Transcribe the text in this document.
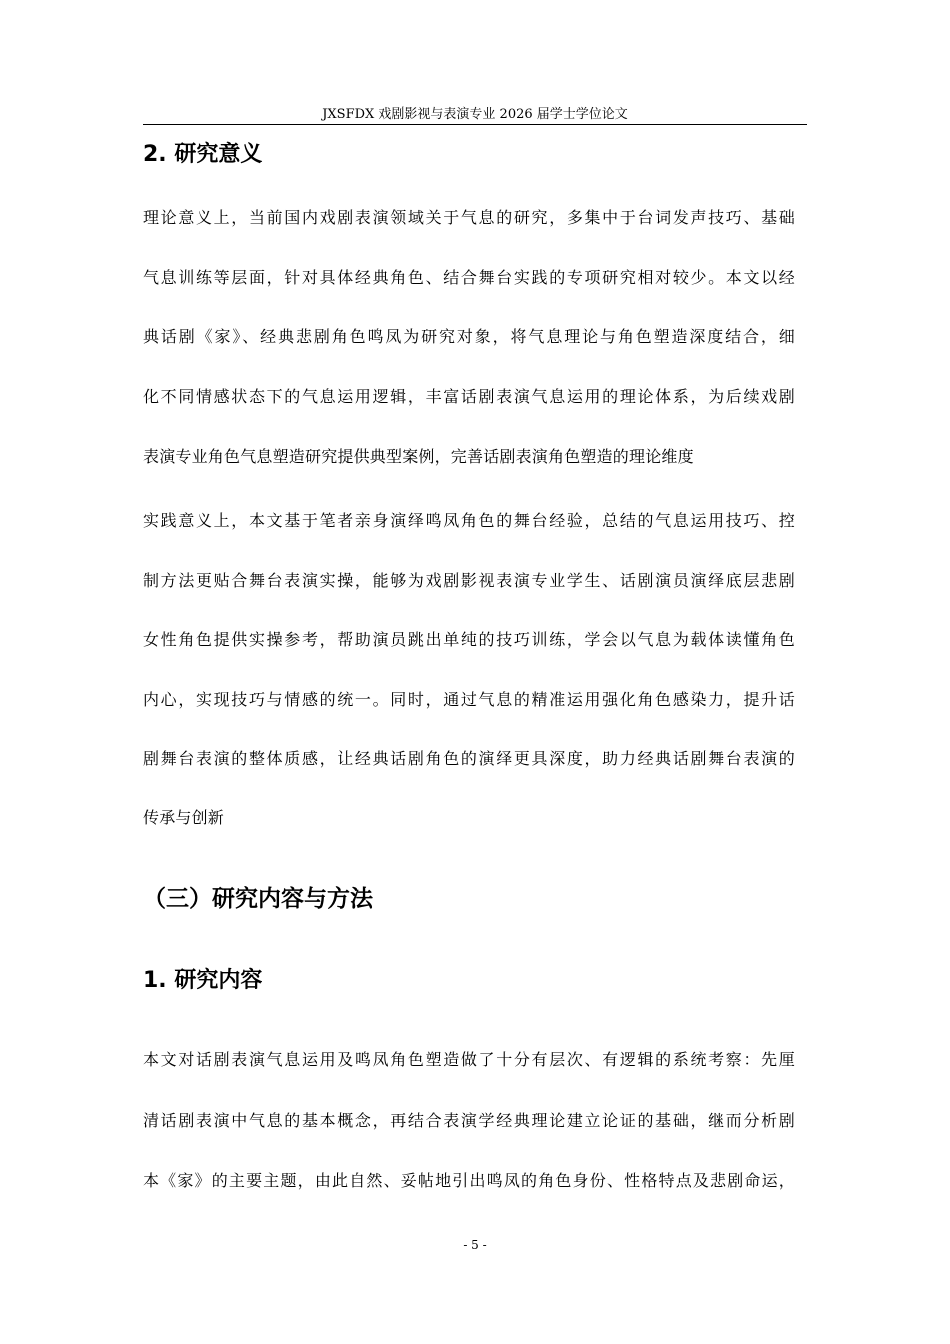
JXSFDX 戏剧影视与表演专业 2026 届学士学位论文
2. 研究意义
理论意义上，当前国内戏剧表演领域关于气息的研究，多集中于台词发声技巧、基础
气息训练等层面，针对具体经典角色、结合舞台实践的专项研究相对较少。本文以经
典话剧《家》、经典悲剧角色鸣凤为研究对象，将气息理论与角色塑造深度结合，细
化不同情感状态下的气息运用逻辑，丰富话剧表演气息运用的理论体系，为后续戏剧
表演专业角色气息塑造研究提供典型案例，完善话剧表演角色塑造的理论维度
实践意义上，本文基于笔者亲身演绎鸣凤角色的舞台经验，总结的气息运用技巧、控
制方法更贴合舞台表演实操，能够为戏剧影视表演专业学生、话剧演员演绎底层悲剧
女性角色提供实操参考，帮助演员跳出单纯的技巧训练，学会以气息为载体读懂角色
内心，实现技巧与情感的统一。同时，通过气息的精准运用强化角色感染力，提升话
剧舞台表演的整体质感，让经典话剧角色的演绎更具深度，助力经典话剧舞台表演的
传承与创新
（三）研究内容与方法
1. 研究内容
本文对话剧表演气息运用及鸣凤角色塑造做了十分有层次、有逻辑的系统考察：先厘
清话剧表演中气息的基本概念，再结合表演学经典理论建立论证的基础，继而分析剧
本《家》的主要主题，由此自然、妥帖地引出鸣凤的角色身份、性格特点及悲剧命运，
- 5 -
